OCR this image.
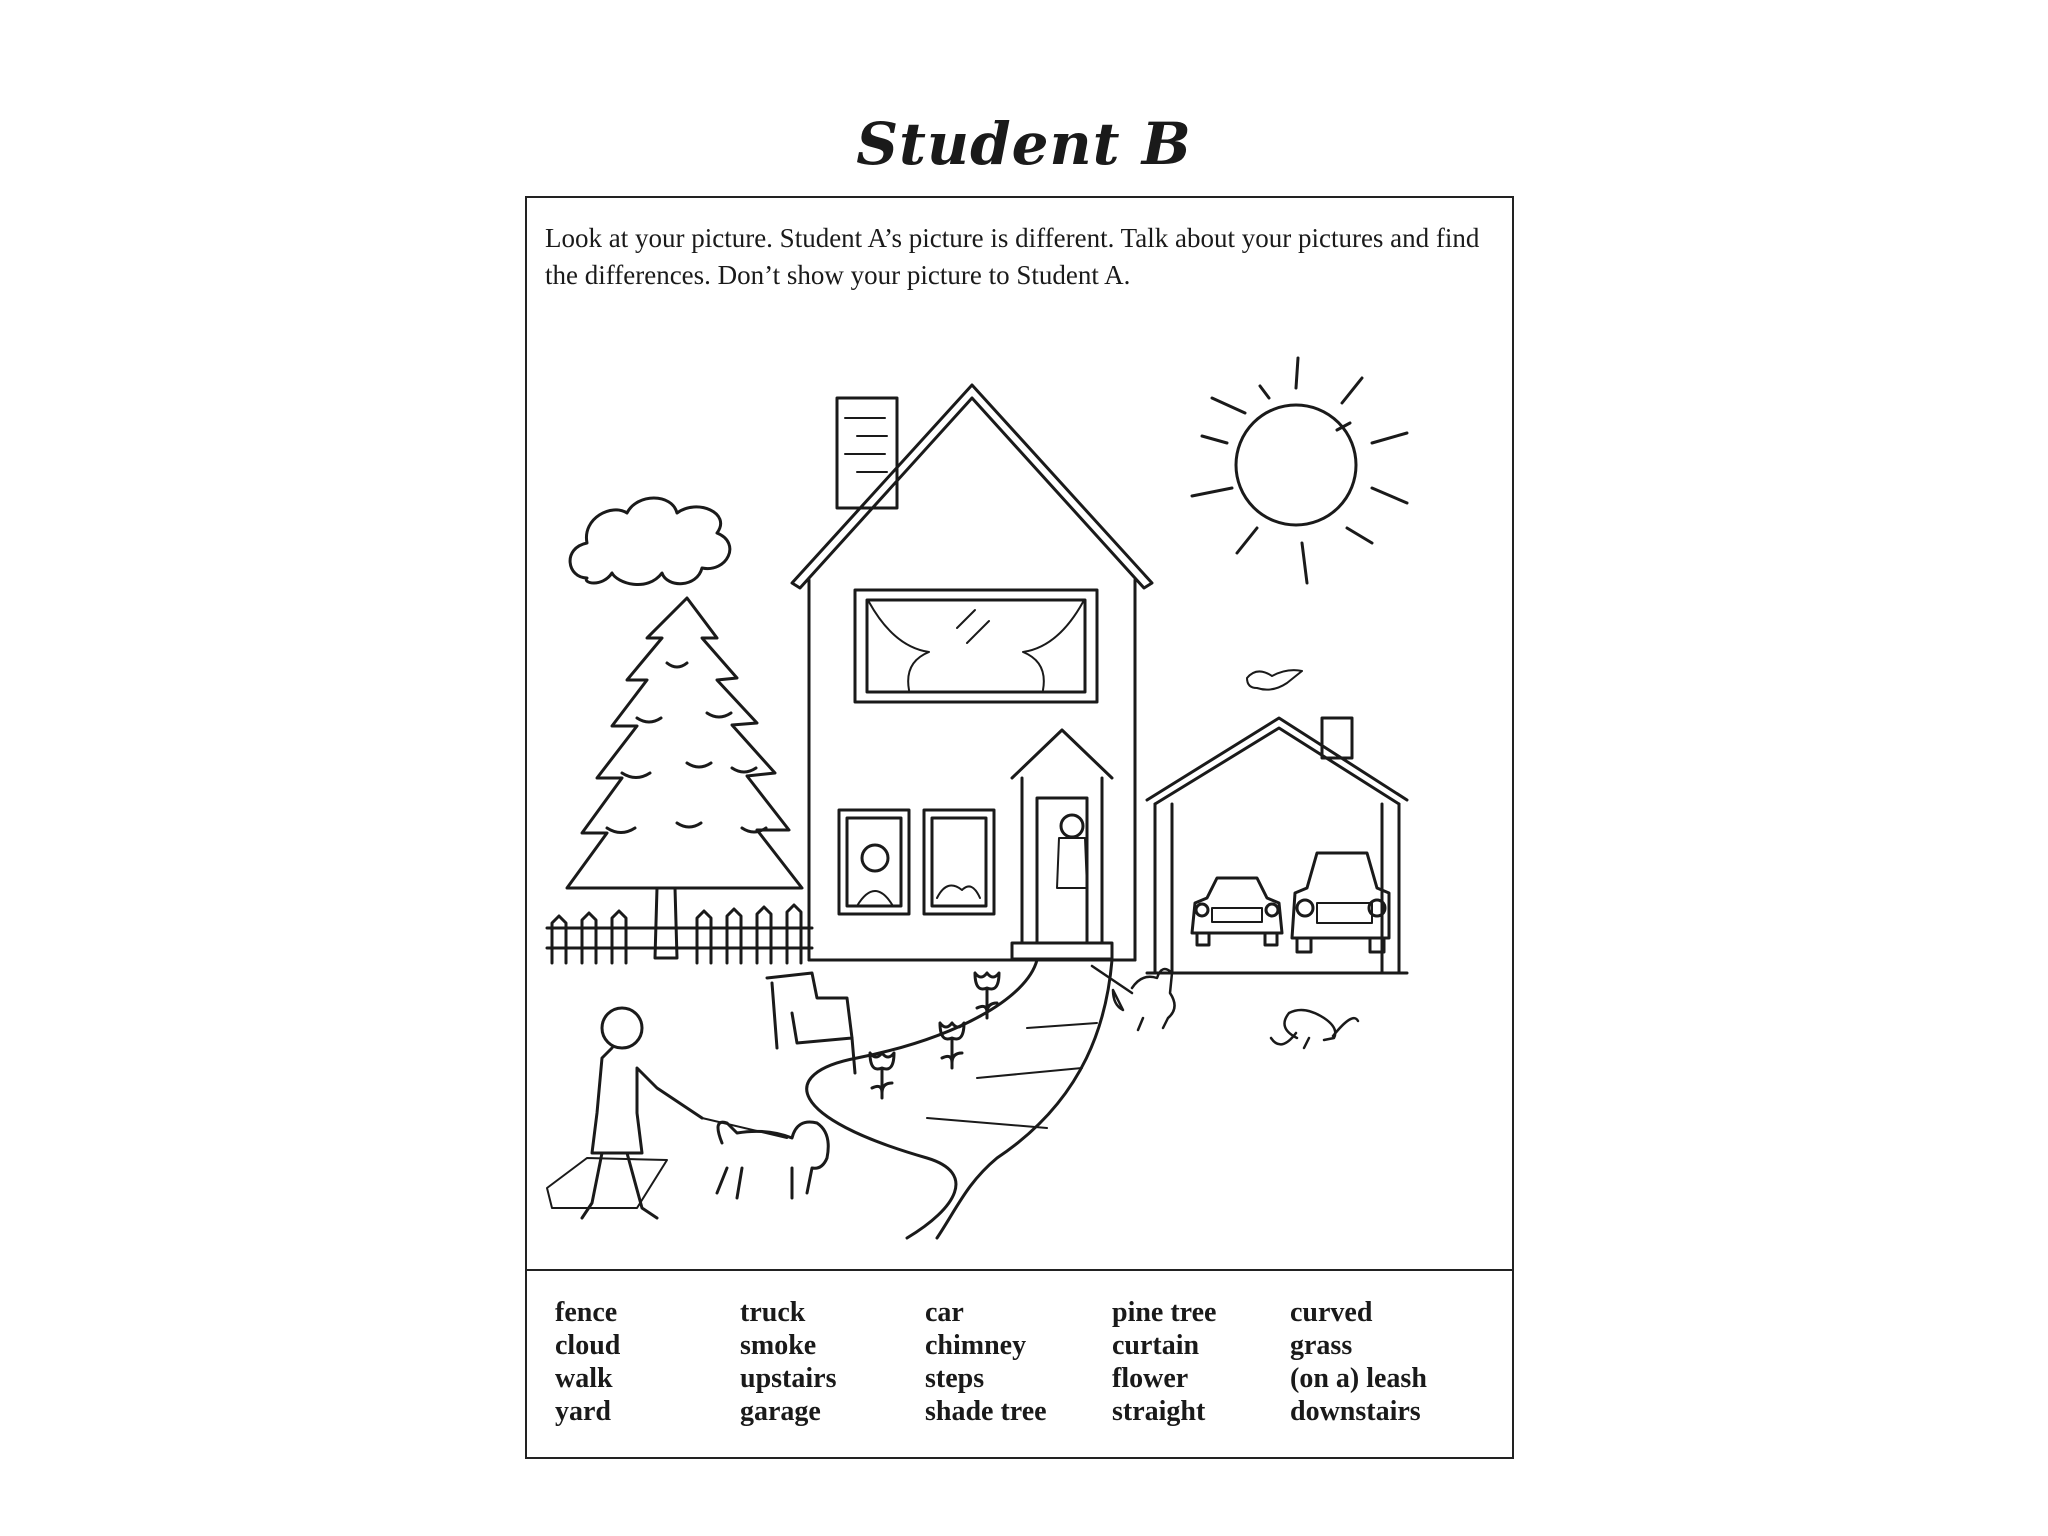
Student B
Look at your picture. Student A’s picture is different. Talk about your pictures and find the differences. Don’t show your picture to Student A.
fence
cloud
walk
yard
truck
smoke
upstairs
garage
car
chimney
steps
shade tree
pine tree
curtain
flower
straight
curved
grass
(on a) leash
downstairs
